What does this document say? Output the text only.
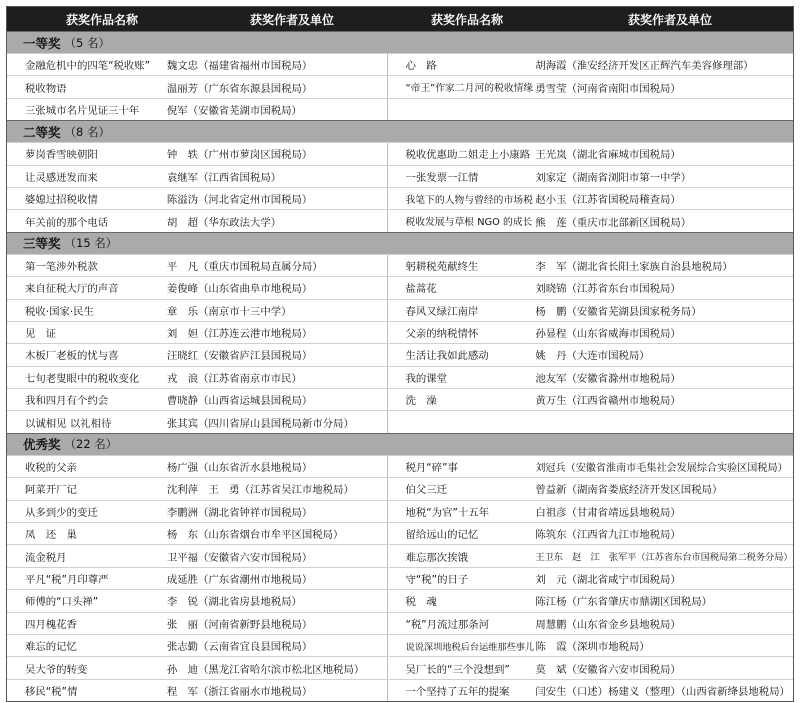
获奖作品名称	获奖作者及单位	获奖作品名称	获奖作者及单位
一等奖 （5 名）
金融危机中的四笔“税收账”	魏文忠（福建省福州市国税局）	心　路	胡海霞（淮安经济开发区正辉汽车美容修理部）
税收物语	温丽芳（广东省东源县国税局）	“帝王”作家二月河的税收情缘 勇雪莹（河南省南阳市国税局）
三张城市名片见证三十年	倪军（安徽省芜湖市国税局）
二等奖 （8 名）
萝岗香雪映朝阳	钟　轶（广州市萝岗区国税局）	税收优惠助二姐走上小康路 王光岚（湖北省麻城市国税局）
让灵感迸发而来	袁继军（江西省国税局）	一张发票一江情	刘家定（湖南省浏阳市第一中学）
婆媳过招税收情	陈溢沩（河北省定州市国税局）	我笔下的人物与曾经的市场税 赵小玉（江苏省国税局稽查局）
年关前的那个电话	胡　超（华东政法大学）	税收发展与草根 NGO 的成长 熊　莲（重庆市北部新区国税局）
三等奖 （15 名）
第一笔涉外税款	平　凡（重庆市国税局直属分局）	躬耕税苑献终生	李　军（湖北省长阳土家族自治县地税局）
来自征税大厅的声音	姜俊峰（山东省曲阜市地税局）	盐蒿花	刘晓锦（江苏省东台市国税局）
税收·国家·民生	章　乐（南京市十三中学）	春风又绿江南岸	杨　鹏（安徽省芜湖县国家税务局）
见　证	刘　妲（江苏连云港市地税局）	父亲的纳税情怀	孙显程（山东省威海市国税局）
木板厂老板的忧与喜	汪晓红（安徽省庐江县国税局）	生活让我如此感动	姚　丹（大连市国税局）
七旬老叟眼中的税收变化	戎　浪（江苏省南京市市民）	我的课堂	池友军（安徽省滁州市地税局）
我和四月有个约会	曹晓静（山西省运城县国税局）	洗　澡	黄万生（江西省赣州市地税局）
以诚相见 以礼相待	张其宾（四川省屏山县国税局新市分局）
优秀奖 （22 名）
收税的父亲	杨广强（山东省沂水县地税局）	税月“碎”事	刘冠兵（安徽省淮南市毛集社会发展综合实验区国税局）
阿菜开厂记	沈利萍　王　勇（江苏省吴江市地税局）	伯父三迁	曾益新（湖南省娄底经济开发区国税局）
从多到少的变迁	李鹏洲（湖北省钟祥市国税局）	地税“为官”十五年	白祖彦（甘肃省靖远县地税局）
凤　还　巢	杨　东（山东省烟台市牟平区国税局）	留给远山的记忆	陈筑东（江西省九江市地税局）
流金税月	卫平福（安徽省六安市国税局）	难忘那次挨饿	王卫东　赵　江　张军平（江苏省东台市国税局第二税务分局）
平凡“税”月印尊严	成延胜（广东省潮州市地税局）	守“税”的日子	刘　元（湖北省咸宁市国税局）
师傅的“口头禅”	李　锐（湖北省房县地税局）	税　魂	陈江杨（广东省肇庆市鼎湖区国税局）
四月槐花香	张　丽（河南省新野县地税局）	“税”月流过那条河	周慧鹏（山东省金乡县地税局）
难忘的记忆	张志勤（云南省宜良县国税局）	说说深圳地税后台运维那些事儿 陈　霞（深圳市地税局）
吴大爷的转变	孙　迪（黑龙江省哈尔滨市松北区地税局）	吴厂长的“三个没想到”	莫　斌（安徽省六安市国税局）
移民“税”情	程　军（浙江省丽水市地税局）	一个坚持了五年的提案	闫安生（口述）杨建义（整理）（山西省新绛县地税局）
